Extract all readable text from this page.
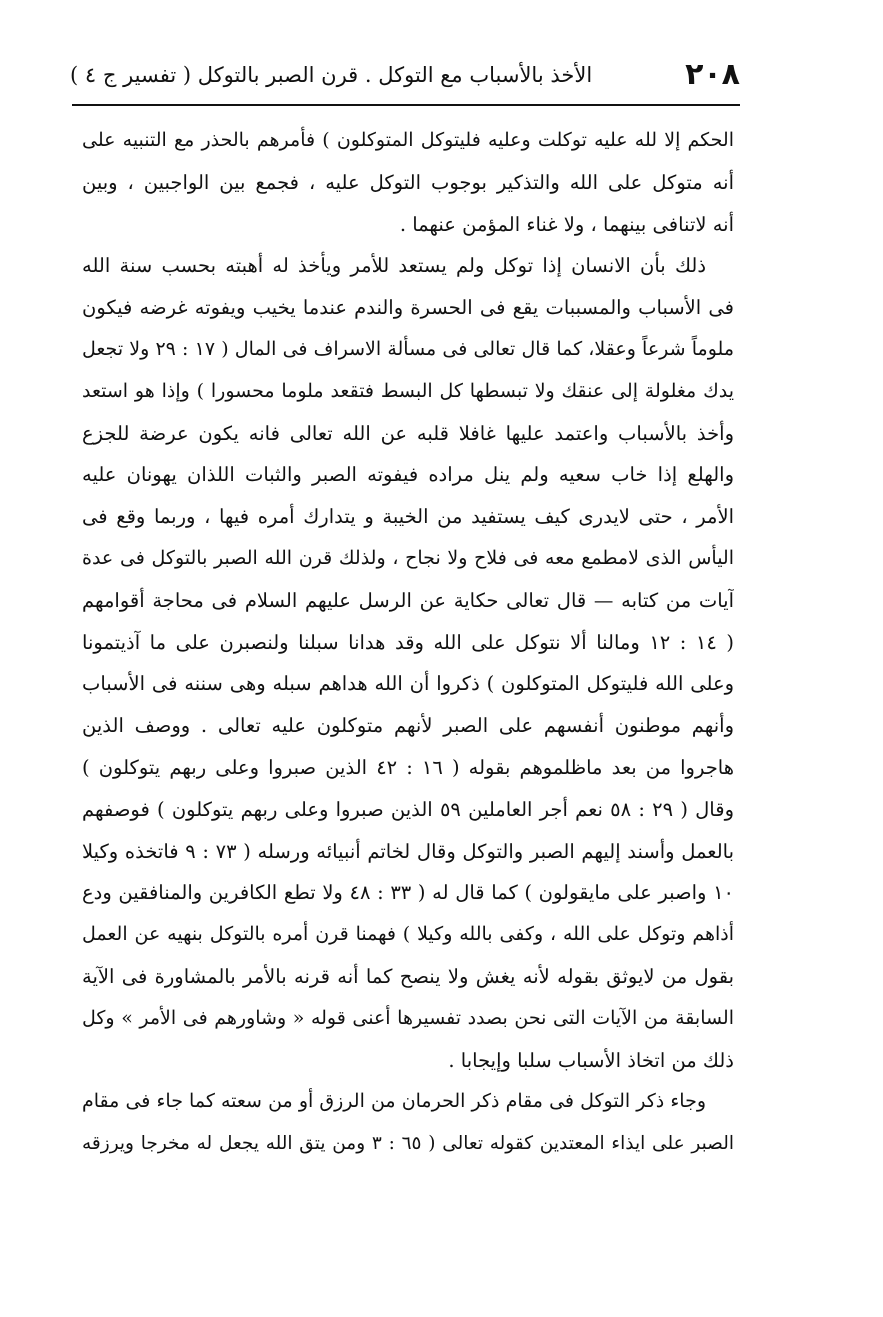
٢٠٨
الأخذ بالأسباب مع التوكل . قرن الصبر بالتوكل ( تفسير ج ٤ )
الحكم إلا لله عليه توكلت وعليه فليتوكل المتوكلون ) فأمرهم بالحذر مع التنبيه على
أنه متوكل على الله والتذكير بوجوب التوكل عليه ، فجمع بين الواجبين ، وبين
أنه لاتنافى بينهما ، ولا غناء المؤمن عنهما .
ذلك بأن الانسان إذا توكل ولم يستعد للأمر ويأخذ له أهبته بحسب سنة الله
فى الأسباب والمسببات يقع فى الحسرة والندم عندما يخيب ويفوته غرضه فيكون
ملوماً شرعاً وعقلا، كما قال تعالى فى مسألة الاسراف فى المال ( ١٧ : ٢٩ ولا تجعل
يدك مغلولة إلى عنقك ولا تبسطها كل البسط فتقعد ملوما محسورا ) وإذا هو استعد
وأخذ بالأسباب واعتمد عليها غافلا قلبه عن الله تعالى فانه يكون عرضة للجزع
والهلع إذا خاب سعيه ولم ينل مراده فيفوته الصبر والثبات اللذان يهونان عليه
الأمر ، حتى لايدرى كيف يستفيد من الخيبة و يتدارك أمره فيها ، وربما وقع فى
اليأس الذى لامطمع معه فى فلاح ولا نجاح ، ولذلك قرن الله الصبر بالتوكل فى عدة
آيات من كتابه — قال تعالى حكاية عن الرسل عليهم السلام فى محاجة أقوامهم
( ١٤ : ١٢ ومالنا ألا نتوكل على الله وقد هدانا سبلنا ولنصبرن على ما آذيتمونا
وعلى الله فليتوكل المتوكلون ) ذكروا أن الله هداهم سبله وهى سننه فى الأسباب
وأنهم موطنون أنفسهم على الصبر لأنهم متوكلون عليه تعالى . ووصف الذين
هاجروا من بعد ماظلموهم بقوله ( ١٦ : ٤٢ الذين صبروا وعلى ربهم يتوكلون )
وقال ( ٢٩ : ٥٨ نعم أجر العاملين ٥٩ الذين صبروا وعلى ربهم يتوكلون ) فوصفهم
بالعمل وأسند إليهم الصبر والتوكل وقال لخاتم أنبيائه ورسله ( ٧٣ : ٩ فاتخذه وكيلا
١٠ واصبر على مايقولون ) كما قال له ( ٣٣ : ٤٨ ولا تطع الكافرين والمنافقين ودع
أذاهم وتوكل على الله ، وكفى بالله وكيلا ) فهمنا قرن أمره بالتوكل بنهيه عن العمل
بقول من لايوثق بقوله لأنه يغش ولا ينصح كما أنه قرنه بالأمر بالمشاورة فى الآية
السابقة من الآيات التى نحن بصدد تفسيرها أعنى قوله « وشاورهم فى الأمر » وكل
ذلك من اتخاذ الأسباب سلبا وإيجابا .
وجاء ذكر التوكل فى مقام ذكر الحرمان من الرزق أو من سعته كما جاء فى مقام
الصبر على ايذاء المعتدين كقوله تعالى ( ٦٥ : ٣ ومن يتق الله يجعل له مخرجا ويرزقه
